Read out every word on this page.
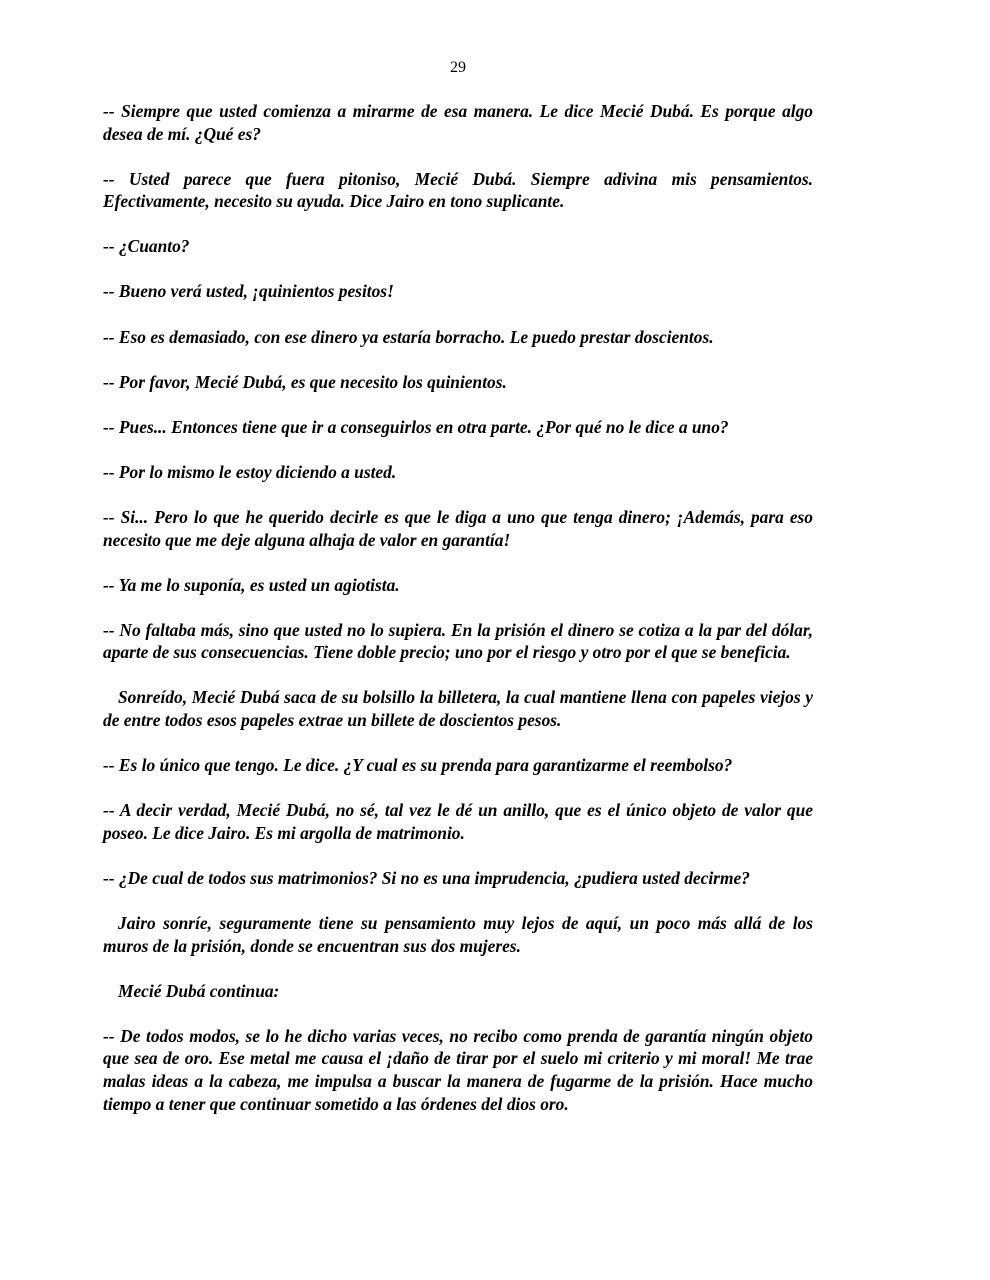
29

-- Siempre que usted comienza a mirarme de esa manera. Le dice Mecié Dubá. Es porque algo desea de mí. ¿Qué es?

-- Usted parece que fuera pitoniso, Mecié Dubá. Siempre adivina mis pensamientos. Efectivamente, necesito su ayuda. Dice Jairo en tono suplicante.

-- ¿Cuanto?

-- Bueno verá usted, ¡quinientos pesitos!

-- Eso es demasiado, con ese dinero ya estaría borracho. Le puedo prestar doscientos.

-- Por favor, Mecié Dubá, es que necesito los quinientos.

-- Pues... Entonces tiene que ir a conseguirlos en otra parte. ¿Por qué no le dice a uno?

-- Por lo mismo le estoy diciendo a usted.

-- Si... Pero lo que he querido decirle es que le diga a uno que tenga dinero; ¡Además, para eso necesito que me deje alguna alhaja de valor en garantía!

-- Ya me lo suponía, es usted un agiotista.

-- No faltaba más, sino que usted no lo supiera. En la prisión el dinero se cotiza a la par del dólar, aparte de sus consecuencias. Tiene doble precio; uno por el riesgo y otro por el que se beneficia.

Sonreído, Mecié Dubá saca de su bolsillo la billetera, la cual mantiene llena con papeles viejos y de entre todos esos papeles extrae un billete de doscientos pesos.

-- Es lo único que tengo. Le dice. ¿Y cual es su prenda para garantizarme el reembolso?

-- A decir verdad, Mecié Dubá, no sé, tal vez le dé un anillo, que es el único objeto de valor que poseo. Le dice Jairo. Es mi argolla de matrimonio.

-- ¿De cual de todos sus matrimonios? Si no es una imprudencia, ¿pudiera usted decirme?

Jairo sonríe, seguramente tiene su pensamiento muy lejos de aquí, un poco más allá de los muros de la prisión, donde se encuentran sus dos mujeres.

Mecié Dubá continua:

-- De todos modos, se lo he dicho varias veces, no recibo como prenda de garantía ningún objeto que sea de oro. Ese metal me causa el ¡daño de tirar por el suelo mi criterio y mi moral! Me trae malas ideas a la cabeza, me impulsa a buscar la manera de fugarme de la prisión. Hace mucho tiempo a tener que continuar sometido a las órdenes del dios oro.
